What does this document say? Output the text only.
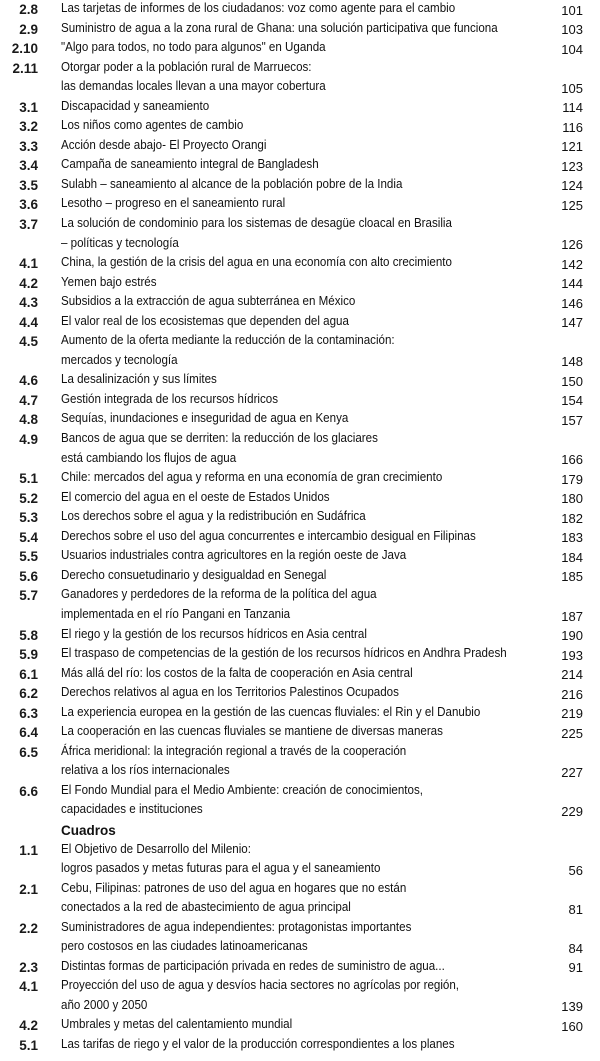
2.8 Las tarjetas de informes de los ciudadanos: voz como agente para el cambio	101
2.9 Suministro de agua a la zona rural de Ghana: una solución participativa que funciona	103
2.10 "Algo para todos, no todo para algunos" en Uganda	104
2.11 Otorgar poder a la población rural de Marruecos:
las demandas locales llevan a una mayor cobertura	105
3.1 Discapacidad y saneamiento	114
3.2 Los niños como agentes de cambio	116
3.3 Acción desde abajo- El Proyecto Orangi	121
3.4 Campaña de saneamiento integral de Bangladesh	123
3.5 Sulabh – saneamiento al alcance de la población pobre de la India	124
3.6 Lesotho – progreso en el saneamiento rural	125
3.7 La solución de condominio para los sistemas de desagüe cloacal en Brasilia
– políticas y tecnología	126
4.1 China, la gestión de la crisis del agua en una economía con alto crecimiento	142
4.2 Yemen bajo estrés	144
4.3 Subsidios a la extracción de agua subterránea en México	146
4.4 El valor real de los ecosistemas que dependen del agua	147
4.5 Aumento de la oferta mediante la reducción de la contaminación:
mercados y tecnología	148
4.6 La desalinización y sus límites	150
4.7 Gestión integrada de los recursos hídricos	154
4.8 Sequías, inundaciones e inseguridad de agua en Kenya	157
4.9 Bancos de agua que se derriten: la reducción de los glaciares
está cambiando los flujos de agua	166
5.1 Chile: mercados del agua y reforma en una economía de gran crecimiento	179
5.2 El comercio del agua en el oeste de Estados Unidos	180
5.3 Los derechos sobre el agua y la redistribución en Sudáfrica	182
5.4 Derechos sobre el uso del agua concurrentes e intercambio desigual en Filipinas	183
5.5 Usuarios industriales contra agricultores en la región oeste de Java	184
5.6 Derecho consuetudinario y desigualdad en Senegal	185
5.7 Ganadores y perdedores de la reforma de la política del agua
implementada en el río Pangani en Tanzania	187
5.8 El riego y la gestión de los recursos hídricos en Asia central	190
5.9 El traspaso de competencias de la gestión de los recursos hídricos en Andhra Pradesh	193
6.1 Más allá del río: los costos de la falta de cooperación en Asia central	214
6.2 Derechos relativos al agua en los Territorios Palestinos Ocupados	216
6.3 La experiencia europea en la gestión de las cuencas fluviales: el Rin y el Danubio	219
6.4 La cooperación en las cuencas fluviales se mantiene de diversas maneras	225
6.5 África meridional: la integración regional a través de la cooperación
relativa a los ríos internacionales	227
6.6 El Fondo Mundial para el Medio Ambiente: creación de conocimientos,
capacidades e instituciones	229
Cuadros
1.1 El Objetivo de Desarrollo del Milenio:
logros pasados y metas futuras para el agua y el saneamiento	56
2.1 Cebu, Filipinas: patrones de uso del agua en hogares que no están
conectados a la red de abastecimiento de agua principal	81
2.2 Suministradores de agua independientes: protagonistas importantes
pero costosos en las ciudades latinoamericanas	84
2.3 Distintas formas de participación privada en redes de suministro de agua...	91
4.1 Proyección del uso de agua y desvíos hacia sectores no agrícolas por región,
año 2000 y 2050	139
4.2 Umbrales y metas del calentamiento mundial	160
5.1 Las tarifas de riego y el valor de la producción correspondientes a los planes
